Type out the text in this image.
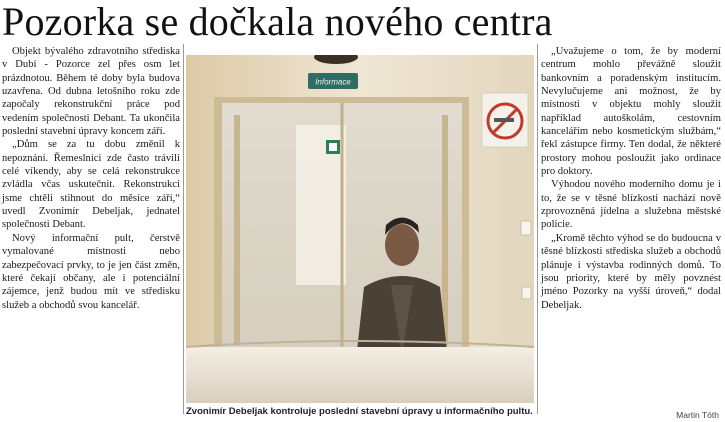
Pozorka se dočkala nového centra

Objekt bývalého zdravotního střediska v Dubí - Pozorce zel přes osm let prázdnotou. Během té doby byla budova uzavřena. Od dubna letošního roku zde započaly rekonstrukční práce pod vedením společnosti Debant. Ta ukončila poslední stavební úpravy koncem září.

„Dům se za tu dobu změnil k nepoznání. Řemeslníci zde často trávili celé víkendy, aby se celá rekonstrukce zvládla včas uskutečnit. Rekonstrukci jsme chtěli stihnout do měsíce září,“ uvedl Zvonimír Debeljak, jednatel společnosti Debant.

Nový informační pult, čerstvě vymalované místnosti nebo zabezpečovací prvky, to je jen část změn, které čekají občany, ale i potenciální zájemce, jenž budou mít ve středisku služeb a obchodů svou kancelář.

Informace
Zvonimír Debeljak kontroluje poslední stavební úpravy u informačního pultu.

„Uvažujeme o tom, že by moderní centrum mohlo převážně sloužit bankovním a poradenským institucím. Nevylučujeme ani možnost, že by místnosti v objektu mohly sloužit například autoškolám, cestovním kancelářím nebo kosmetickým službám,“ řekl zástupce firmy. Ten dodal, že některé prostory mohou posloužit jako ordinace pro doktory.

Výhodou nového moderního domu je i to, že se v těsné blízkosti nachází nově zprovozněná jídelna a služebna městské policie.

„Kromě těchto výhod se do budoucna v těsné blízkosti střediska služeb a obchodů plánuje i výstavba rodinných domů. To jsou priority, které by měly povznést jméno Pozorky na vyšší úroveň,“ dodal Debeljak.

Martin Tóth
